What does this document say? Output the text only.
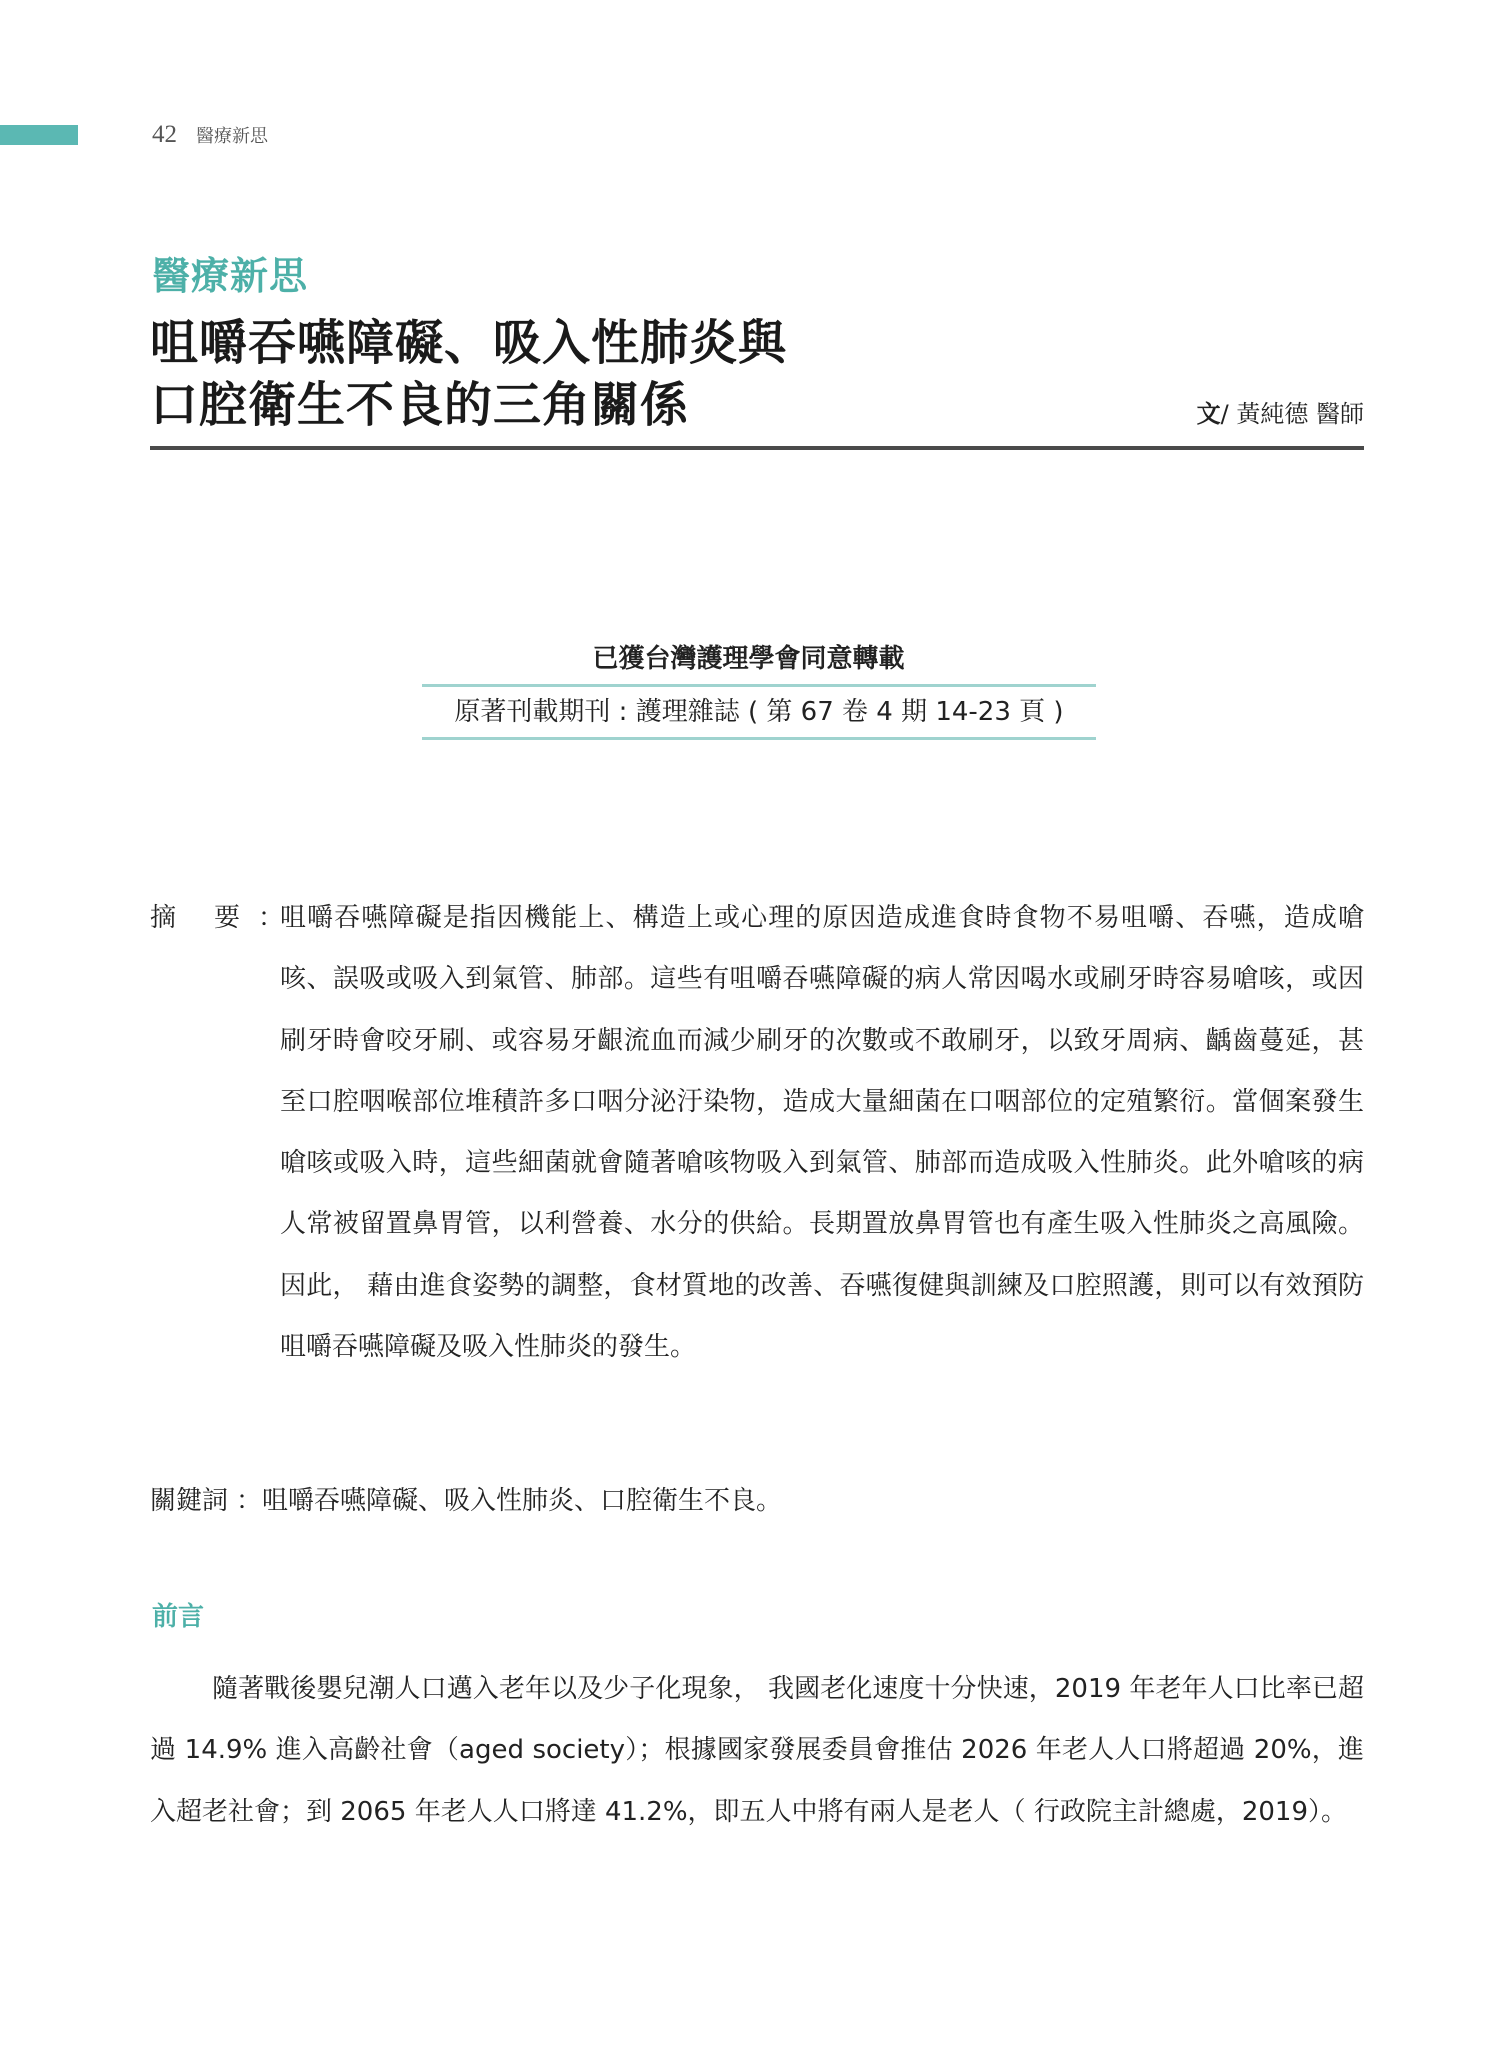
42 醫療新思
醫療新思
咀嚼吞嚥障礙、吸入性肺炎與
口腔衛生不良的三角關係	文/ 黃純德 醫師
已獲台灣護理學會同意轉載
原著刊載期刊 : 護理雜誌 ( 第 67 卷 4 期 14-23 頁 )
摘 要 ：
咀嚼吞嚥障礙是指因機能上、構造上或心理的原因造成進食時食物不易咀嚼、吞嚥，造成嗆咳、誤吸或吸入到氣管、肺部。這些有咀嚼吞嚥障礙的病人常因喝水或刷牙時容易嗆咳，或因刷牙時會咬牙刷、或容易牙齦流血而減少刷牙的次數或不敢刷牙，以致牙周病、齲齒蔓延，甚至口腔咽喉部位堆積許多口咽分泌汙染物，造成大量細菌在口咽部位的定殖繁衍。當個案發生嗆咳或吸入時，這些細菌就會隨著嗆咳物吸入到氣管、肺部而造成吸入性肺炎。此外嗆咳的病人常被留置鼻胃管，以利營養、水分的供給。長期置放鼻胃管也有產生吸入性肺炎之高風險。因此， 藉由進食姿勢的調整，食材質地的改善、吞嚥復健與訓練及口腔照護，則可以有效預防咀嚼吞嚥障礙及吸入性肺炎的發生。
關鍵詞 ：咀嚼吞嚥障礙、吸入性肺炎、口腔衛生不良。
前言
隨著戰後嬰兒潮人口邁入老年以及少子化現象， 我國老化速度十分快速，2019 年老年人口比率已超過 14.9% 進入高齡社會（aged society）；根據國家發展委員會推估 2026 年老人人口將超過 20%，進入超老社會；到 2065 年老人人口將達 41.2%，即五人中將有兩人是老人（ 行政院主計總處，2019）。
